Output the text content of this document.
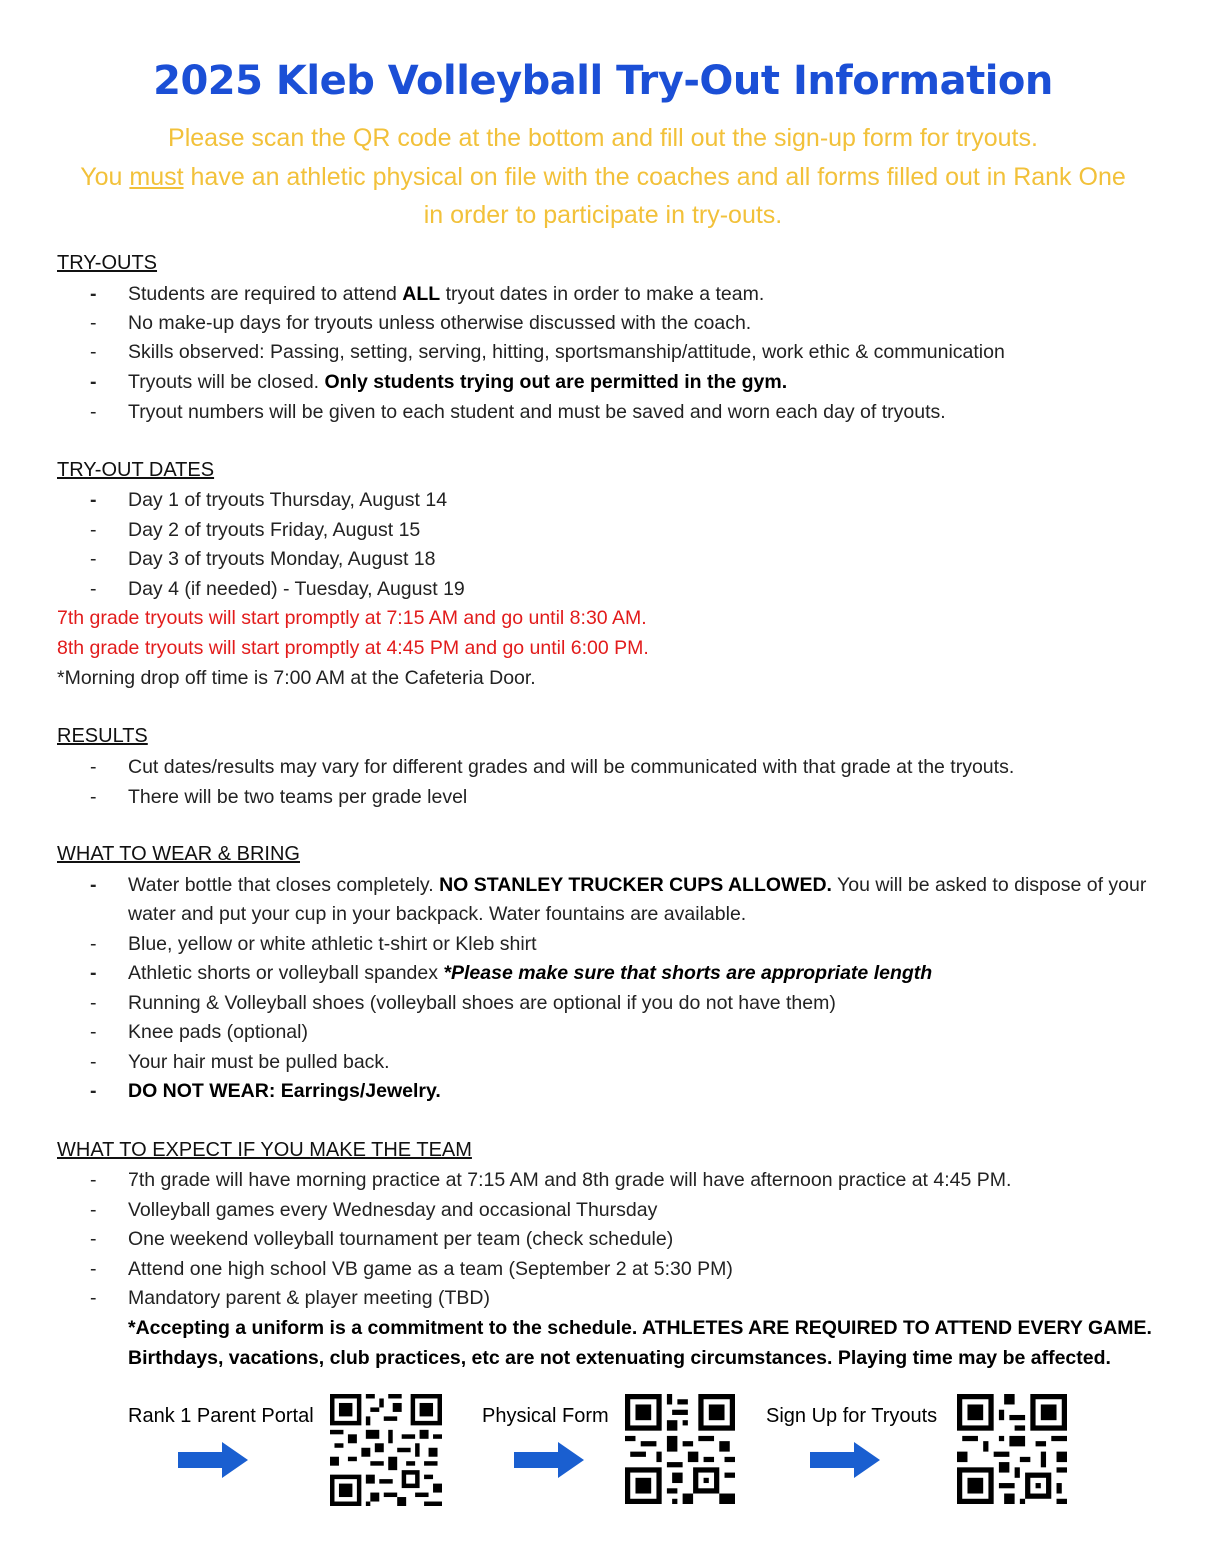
2025 Kleb Volleyball Try-Out Information
Please scan the QR code at the bottom and fill out the sign-up form for tryouts.
You must have an athletic physical on file with the coaches and all forms filled out in Rank One
in order to participate in try-outs.
TRY-OUTS
- Students are required to attend ALL tryout dates in order to make a team.
- No make-up days for tryouts unless otherwise discussed with the coach.
- Skills observed: Passing, setting, serving, hitting, sportsmanship/attitude, work ethic & communication
- Tryouts will be closed. Only students trying out are permitted in the gym.
- Tryout numbers will be given to each student and must be saved and worn each day of tryouts.
TRY-OUT DATES
- Day 1 of tryouts Thursday, August 14
- Day 2 of tryouts Friday, August 15
- Day 3 of tryouts Monday, August 18
- Day 4 (if needed) - Tuesday, August 19
7th grade tryouts will start promptly at 7:15 AM and go until 8:30 AM.
8th grade tryouts will start promptly at 4:45 PM and go until 6:00 PM.
*Morning drop off time is 7:00 AM at the Cafeteria Door.
RESULTS
- Cut dates/results may vary for different grades and will be communicated with that grade at the tryouts.
- There will be two teams per grade level
WHAT TO WEAR & BRING
- Water bottle that closes completely. NO STANLEY TRUCKER CUPS ALLOWED. You will be asked to dispose of your
water and put your cup in your backpack. Water fountains are available.
- Blue, yellow or white athletic t-shirt or Kleb shirt
- Athletic shorts or volleyball spandex *Please make sure that shorts are appropriate length
- Running & Volleyball shoes (volleyball shoes are optional if you do not have them)
- Knee pads (optional)
- Your hair must be pulled back.
- DO NOT WEAR: Earrings/Jewelry.
WHAT TO EXPECT IF YOU MAKE THE TEAM
- 7th grade will have morning practice at 7:15 AM and 8th grade will have afternoon practice at 4:45 PM.
- Volleyball games every Wednesday and occasional Thursday
- One weekend volleyball tournament per team (check schedule)
- Attend one high school VB game as a team (September 2 at 5:30 PM)
- Mandatory parent & player meeting (TBD)
*Accepting a uniform is a commitment to the schedule. ATHLETES ARE REQUIRED TO ATTEND EVERY GAME.
Birthdays, vacations, club practices, etc are not extenuating circumstances. Playing time may be affected.
Rank 1 Parent Portal	Physical Form	Sign Up for Tryouts
